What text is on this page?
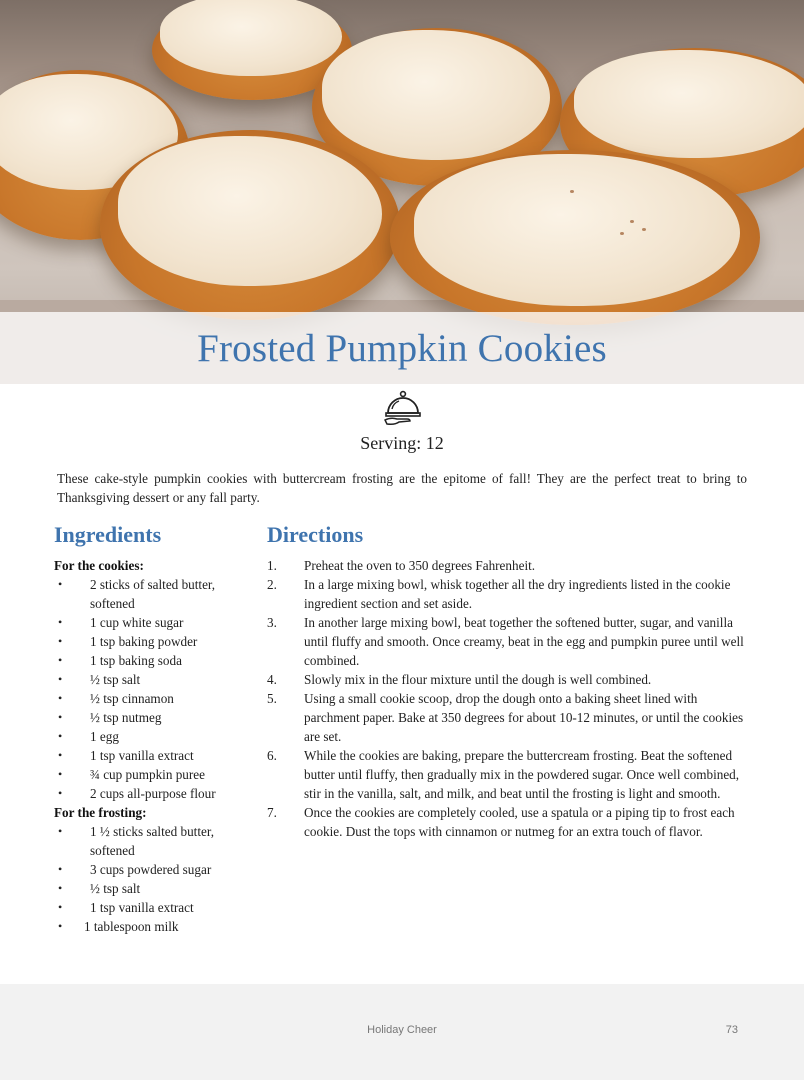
Frosted Pumpkin Cookies
Serving: 12

These cake-style pumpkin cookies with buttercream frosting are the epitome of fall! They are the perfect treat to bring to Thanksgiving dessert or any fall party.

Ingredients
For the cookies:
• 2 sticks of salted butter, softened
• 1 cup white sugar
• 1 tsp baking powder
• 1 tsp baking soda
• ½ tsp salt
• ½ tsp cinnamon
• ½ tsp nutmeg
• 1 egg
• 1 tsp vanilla extract
• ¾ cup pumpkin puree
• 2 cups all-purpose flour
For the frosting:
• 1 ½ sticks salted butter, softened
• 3 cups powdered sugar
• ½ tsp salt
• 1 tsp vanilla extract
• 1 tablespoon milk
Directions
1. Preheat the oven to 350 degrees Fahrenheit.
2. In a large mixing bowl, whisk together all the dry ingredients listed in the cookie ingredient section and set aside.
3. In another large mixing bowl, beat together the softened butter, sugar, and vanilla until fluffy and smooth. Once creamy, beat in the egg and pumpkin puree until well combined.
4. Slowly mix in the flour mixture until the dough is well combined.
5. Using a small cookie scoop, drop the dough onto a baking sheet lined with parchment paper. Bake at 350 degrees for about 10-12 minutes, or until the cookies are set.
6. While the cookies are baking, prepare the buttercream frosting. Beat the softened butter until fluffy, then gradually mix in the powdered sugar. Once well combined, stir in the vanilla, salt, and milk, and beat until the frosting is light and smooth.
7. Once the cookies are completely cooled, use a spatula or a piping tip to frost each cookie. Dust the tops with cinnamon or nutmeg for an extra touch of flavor.
Holiday Cheer	73
